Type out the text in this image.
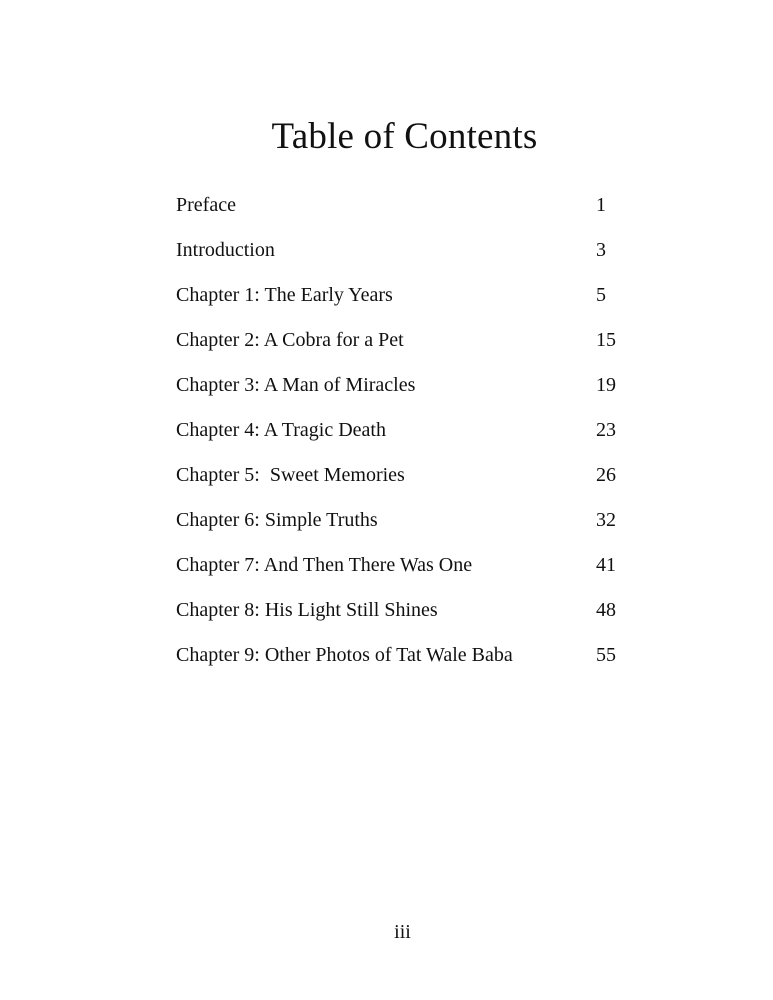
Table of Contents
Preface	1
Introduction	3
Chapter 1: The Early Years	5
Chapter 2: A Cobra for a Pet	15
Chapter 3: A Man of Miracles	19
Chapter 4: A Tragic Death	23
Chapter 5:  Sweet Memories	26
Chapter 6: Simple Truths	32
Chapter 7: And Then There Was One	41
Chapter 8: His Light Still Shines	48
Chapter 9: Other Photos of Tat Wale Baba	55
iii
